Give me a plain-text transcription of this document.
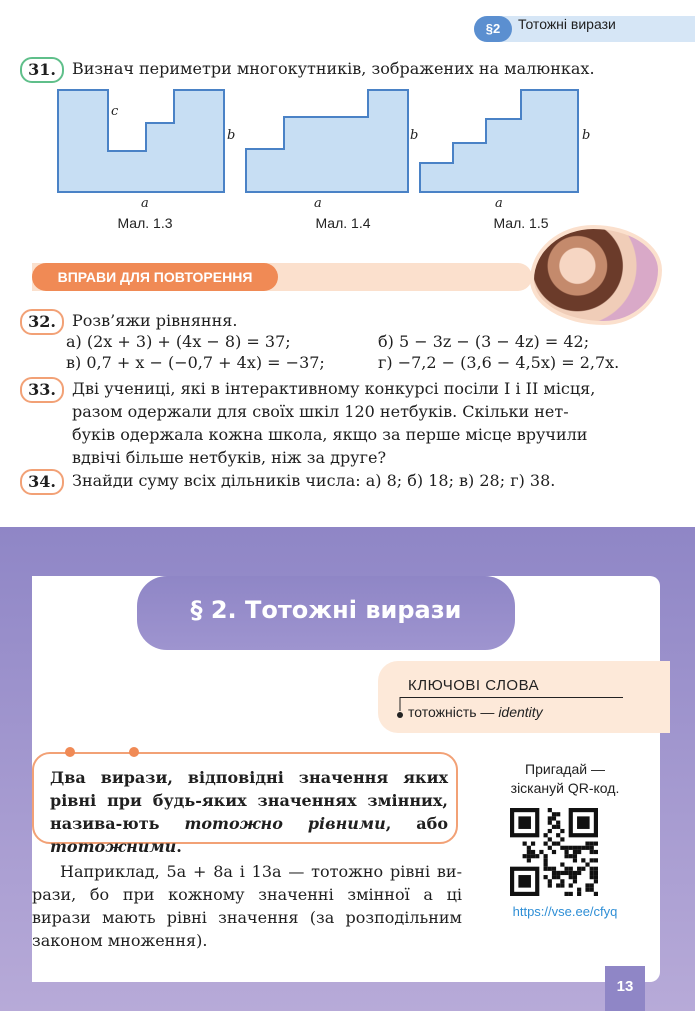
§2	Тотожні вирази
31.	Визнач периметри многокутників, зображених на малюнках.
c
b
a
Мал. 1.3
b
a
Мал. 1.4
b
a
Мал. 1.5
ВПРАВИ ДЛЯ ПОВТОРЕННЯ
32.	Розв’яжи рівняння.
а) (2x + 3) + (4x − 8) = 37;	б) 5 − 3z − (3 − 4z) = 42;
в) 0,7 + x − (−0,7 + 4x) = −37;	г) −7,2 − (3,6 − 4,5x) = 2,7x.
33.	Дві учениці, які в інтерактивному конкурсі посіли І і ІІ місця,
разом одержали для своїх шкіл 120 нетбуків. Скільки нет-
буків одержала кожна школа, якщо за перше місце вручили
вдвічі більше нетбуків, ніж за друге?
34.	Знайди суму всіх дільників числа: а) 8; б) 18; в) 28; г) 38.
§ 2. Тотожні вирази
КЛЮЧОВІ СЛОВА
тотожність — identity
Два вирази, відповідні значення яких рівні при будь-яких значеннях змінних, назива-ють тотожно рівними, або тотожними.
Наприклад, 5a + 8a і 13a — тотожно рівні ви-рази, бо при кожному значенні змінної a ці вирази мають рівні значення (за розподільним законом множення).
Пригадай —
зіскануй QR-код.
https://vse.ee/cfyq
13
